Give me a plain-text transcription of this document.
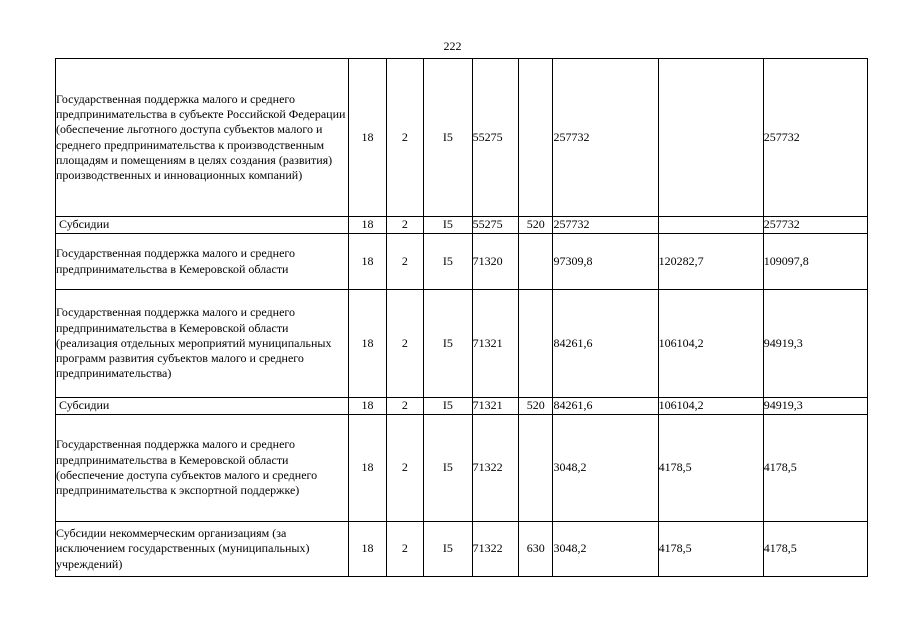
222
Государственная поддержка малого и среднего предпринимательства в субъекте Российской Федерации (обеспечение льготного доступа субъектов малого и среднего предпринимательства к производственным площадям и помещениям в целях создания (развития) производственных и инновационных компаний)	18	2	I5	55275		257732		257732
Субсидии	18	2	I5	55275	520	257732		257732
Государственная поддержка малого и среднего предпринимательства в Кемеровской области	18	2	I5	71320		97309,8	120282,7	109097,8
Государственная поддержка малого и среднего предпринимательства в Кемеровской области (реализация отдельных мероприятий муниципальных программ развития субъектов малого и среднего предпринимательства)	18	2	I5	71321		84261,6	106104,2	94919,3
Субсидии	18	2	I5	71321	520	84261,6	106104,2	94919,3
Государственная поддержка малого и среднего предпринимательства в Кемеровской области (обеспечение доступа субъектов малого и среднего предпринимательства к экспортной поддержке)	18	2	I5	71322		3048,2	4178,5	4178,5
Субсидии некоммерческим организациям (за исключением государственных (муниципальных) учреждений)	18	2	I5	71322	630	3048,2	4178,5	4178,5
